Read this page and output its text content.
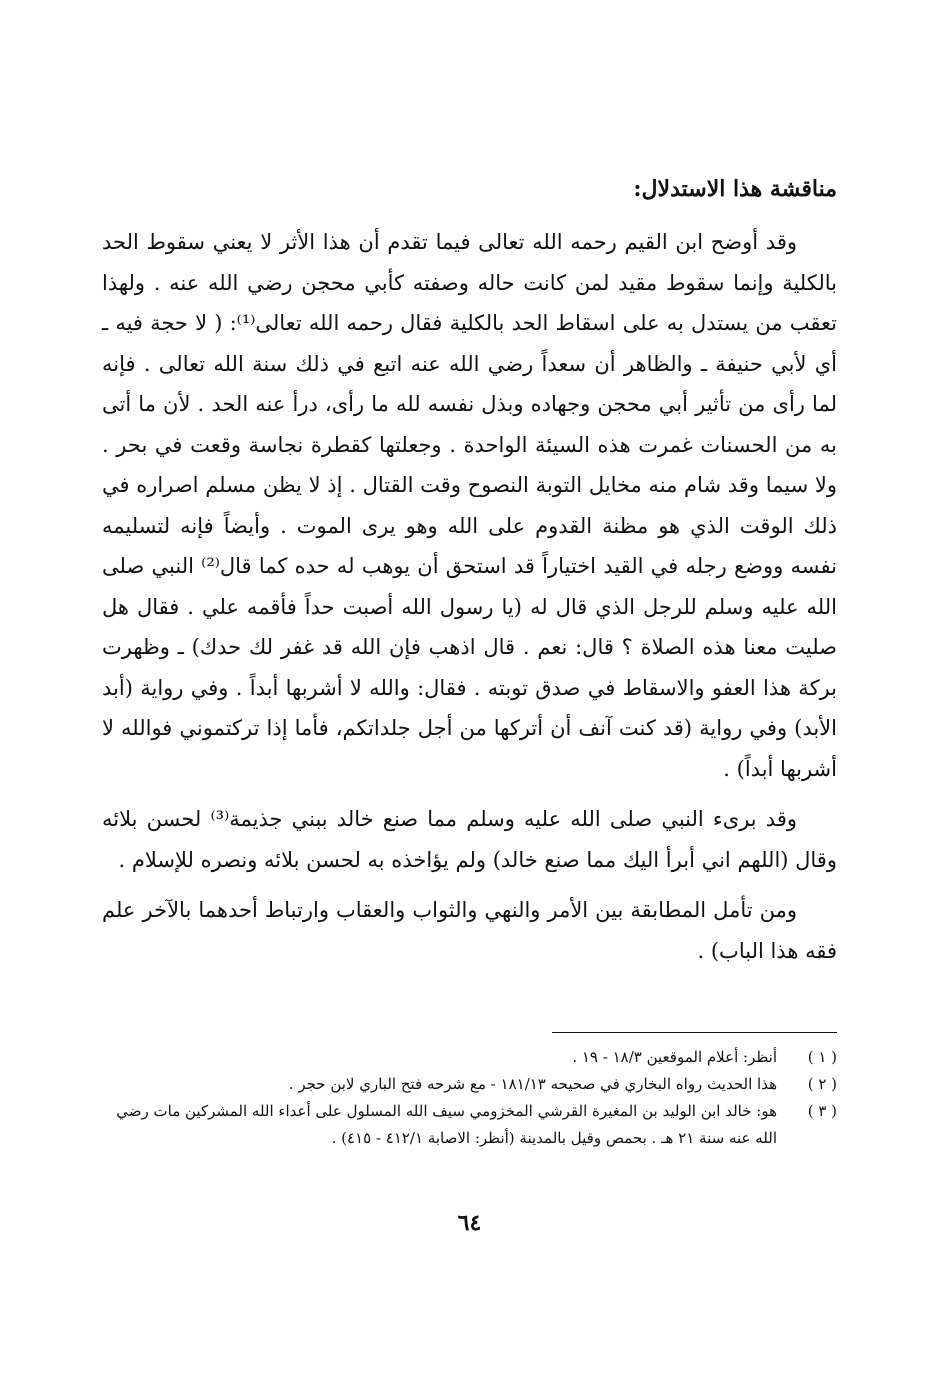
مناقشة هذا الاستدلال:

وقد أوضح ابن القيم رحمه الله تعالى فيما تقدم أن هذا الأثر لا يعني سقوط الحد بالكلية وإنما سقوط مقيد لمن كانت حاله وصفته كأبي محجن رضي الله عنه . ولهذا تعقب من يستدل به على اسقاط الحد بالكلية فقال رحمه الله تعالى⁽¹⁾: ( لا حجة فيه ـ أي لأبي حنيفة ـ والظاهر أن سعداً رضي الله عنه اتبع في ذلك سنة الله تعالى . فإنه لما رأى من تأثير أبي محجن وجهاده وبذل نفسه لله ما رأى، درأ عنه الحد . لأن ما أتى به من الحسنات غمرت هذه السيئة الواحدة . وجعلتها كقطرة نجاسة وقعت في بحر . ولا سيما وقد شام منه مخايل التوبة النصوح وقت القتال . إذ لا يظن مسلم اصراره في ذلك الوقت الذي هو مظنة القدوم على الله وهو يرى الموت . وأيضاً فإنه لتسليمه نفسه ووضع رجله في القيد اختياراً قد استحق أن يوهب له حده كما قال⁽²⁾ النبي صلى الله عليه وسلم للرجل الذي قال له (يا رسول الله أصبت حداً فأقمه علي . فقال هل صليت معنا هذه الصلاة ؟ قال: نعم . قال اذهب فإن الله قد غفر لك حدك) ـ وظهرت بركة هذا العفو والاسقاط في صدق توبته . فقال: والله لا أشربها أبداً . وفي رواية (أبد الأبد) وفي رواية (قد كنت آنف أن أتركها من أجل جلداتكم، فأما إذا تركتموني فوالله لا أشربها أبداً) .

وقد برىء النبي صلى الله عليه وسلم مما صنع خالد ببني جذيمة⁽³⁾ لحسن بلائه وقال (اللهم اني أبرأ اليك مما صنع خالد) ولم يؤاخذه به لحسن بلائه ونصره للإسلام .

ومن تأمل المطابقة بين الأمر والنهي والثواب والعقاب وارتباط أحدهما بالآخر علم فقه هذا الباب) .

( ١ )
أنظر: أعلام الموقعين ١٨/٣ - ١٩ .
( ٢ )
هذا الحديث رواه البخاري في صحيحه ١٨١/١٣ - مع شرحه فتح الباري لابن حجر .
( ٣ )
هو: خالد ابن الوليد بن المغيرة القرشي المخزومي سيف الله المسلول على أعداء الله المشركين مات رضي الله عنه سنة ٢١ هـ . بحمص وقيل بالمدينة (أنظر: الاصابة ٤١٢/١ - ٤١٥) .
٦٤
